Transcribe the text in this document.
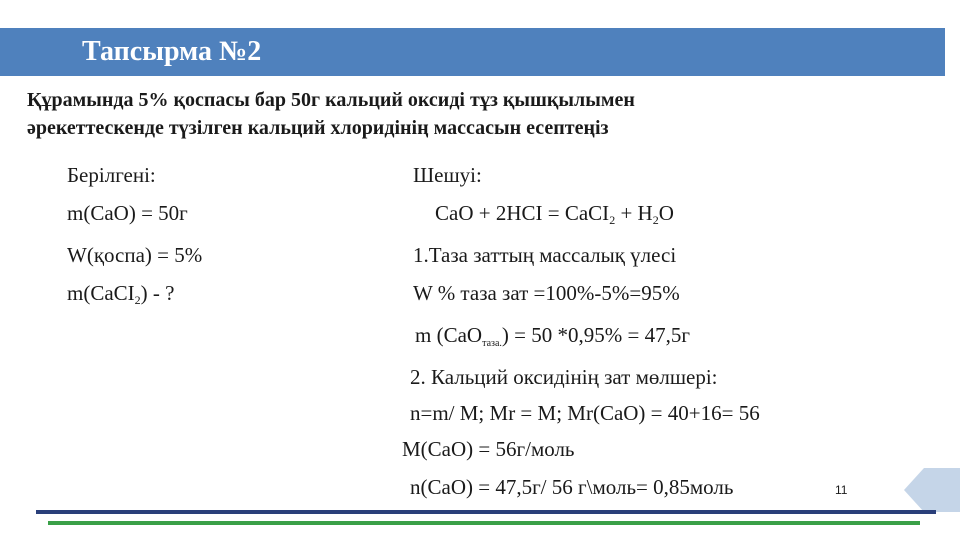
Тапсырма №2
Құрамында 5% қоспасы бар 50г кальций оксиді тұз қышқылымен
әрекеттескенде түзілген кальций хлоридінің массасын есептеңіз
Берілгені:
m(CaO) = 50г
W(қоспа) = 5%
m(CaCI$_2$) - ?
Шешуі:
CaO + 2HCI = CaCI$_2$ + $H_2O$
1.Таза заттың массалық үлесі
W % таза зат =100%-5%=95%
m (CaO$_{таза.}$) = 50 *0,95% = 47,5г
2. Кальций оксидінің зат мөлшері:
n=m/ M; Mr = M; Mr(CaO) = 40+16= 56
M(CaO) = 56г/моль
n(CaO) = 47,5г/ 56 г\моль= 0,85моль	11
